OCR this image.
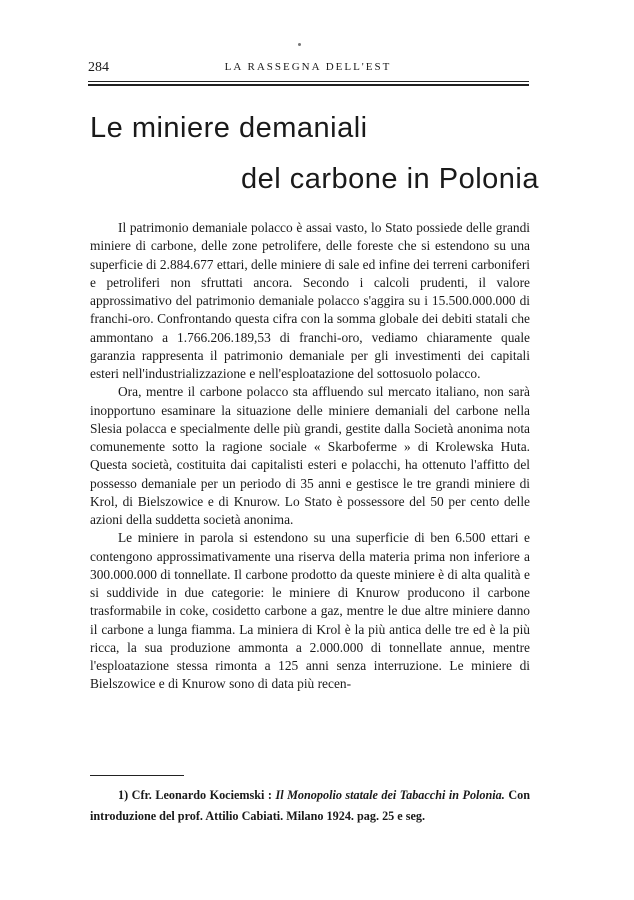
284	LA RASSEGNA DELL'EST
Le miniere demaniali
del carbone in Polonia

Il patrimonio demaniale polacco è assai vasto, lo Stato possiede delle grandi miniere di carbone, delle zone petrolifere, delle foreste che si estendono su una superficie di 2.884.677 ettari, delle miniere di sale ed infine dei terreni carboniferi e petroliferi non sfruttati ancora. Secondo i calcoli prudenti, il valore approssimativo del patrimonio demaniale polacco s'aggira su i 15.500.000.000 di franchi-oro. Confrontando questa cifra con la somma globale dei debiti statali che ammontano a 1.766.206.189,53 di franchi-oro, vediamo chiaramente quale garanzia rappresenta il patrimonio demaniale per gli investimenti dei capitali esteri nell'industrializzazione e nell'esploatazione del sottosuolo polacco.

Ora, mentre il carbone polacco sta affluendo sul mercato italiano, non sarà inopportuno esaminare la situazione delle miniere demaniali del carbone nella Slesia polacca e specialmente delle più grandi, gestite dalla Società anonima nota comunemente sotto la ragione sociale « Skarboferme » di Krolewska Huta. Questa società, costituita dai capitalisti esteri e polacchi, ha ottenuto l'affitto del possesso demaniale per un periodo di 35 anni e gestisce le tre grandi miniere di Krol, di Bielszowice e di Knurow. Lo Stato è possessore del 50 per cento delle azioni della suddetta società anonima.

Le miniere in parola si estendono su una superficie di ben 6.500 ettari e contengono approssimativamente una riserva della materia prima non inferiore a 300.000.000 di tonnellate. Il carbone prodotto da queste miniere è di alta qualità e si suddivide in due categorie: le miniere di Knurow producono il carbone trasformabile in coke, cosidetto carbone a gaz, mentre le due altre miniere danno il carbone a lunga fiamma. La miniera di Krol è la più antica delle tre ed è la più ricca, la sua produzione ammonta a 2.000.000 di tonnellate annue, mentre l'esploatazione stessa rimonta a 125 anni senza interruzione. Le miniere di Bielszowice e di Knurow sono di data più recen-

1) Cfr. Leonardo Kociemski : Il Monopolio statale dei Tabacchi in Polonia. Con introduzione del prof. Attilio Cabiati. Milano 1924. pag. 25 e seg.
